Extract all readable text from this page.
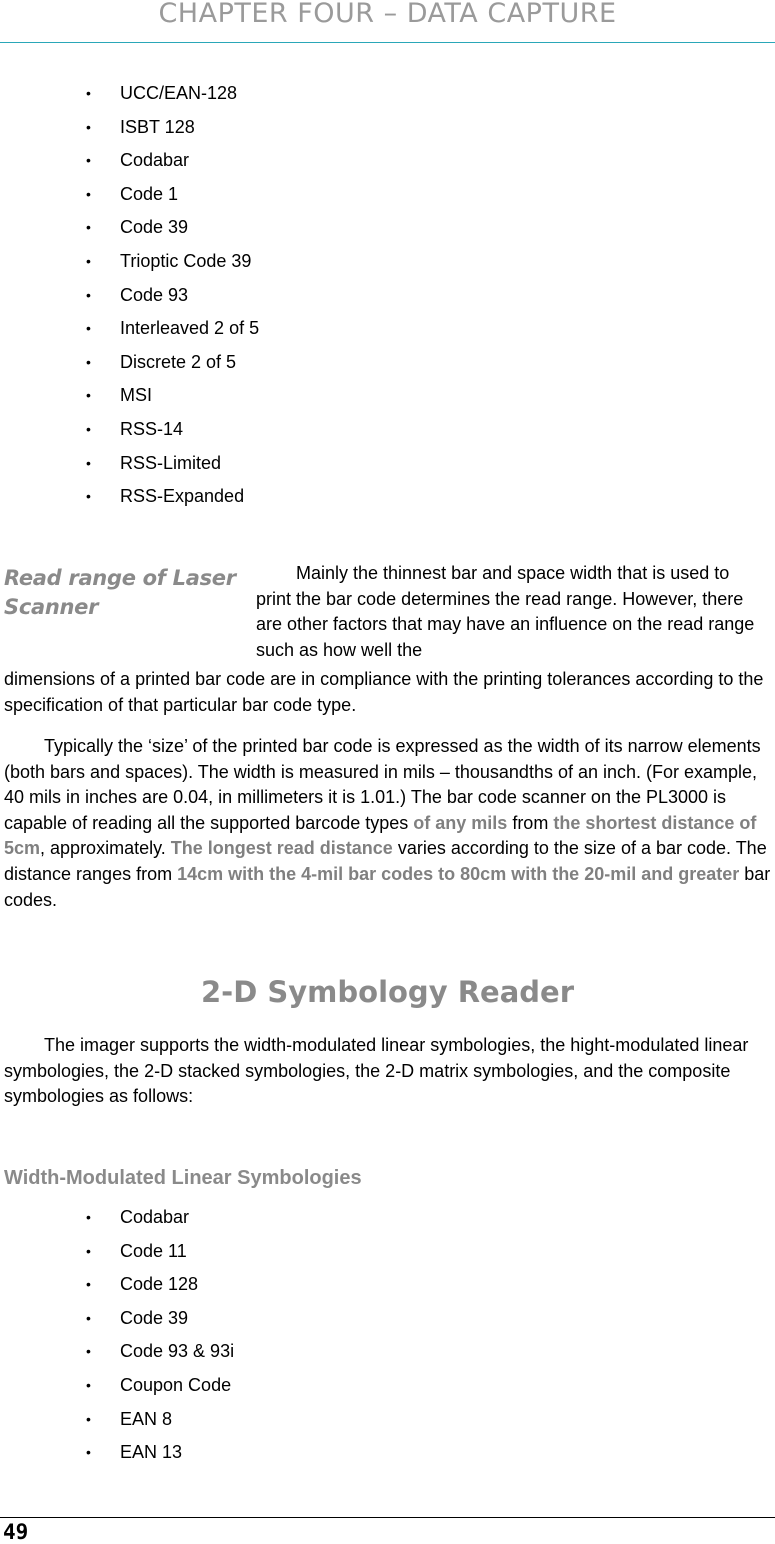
CHAPTER FOUR – DATA CAPTURE
• UCC/EAN-128
• ISBT 128
• Codabar
• Code 1
• Code 39
• Trioptic Code 39
• Code 93
• Interleaved 2 of 5
• Discrete 2 of 5
• MSI
• RSS-14
• RSS-Limited
• RSS-Expanded
Read range of Laser Scanner

Mainly the thinnest bar and space width that is used to print the bar code determines the read range. However, there are other factors that may have an influence on the read range such as how well the

dimensions of a printed bar code are in compliance with the printing tolerances according to the specification of that particular bar code type.

Typically the ‘size’ of the printed bar code is expressed as the width of its narrow elements (both bars and spaces). The width is measured in mils – thousandths of an inch. (For example, 40 mils in inches are 0.04, in millimeters it is 1.01.) The bar code scanner on the PL3000 is capable of reading all the supported barcode types of any mils from the shortest distance of 5cm, approximately. The longest read distance varies according to the size of a bar code. The distance ranges from 14cm with the 4-mil bar codes to 80cm with the 20-mil and greater bar codes.

2-D Symbology Reader

The imager supports the width-modulated linear symbologies, the hight-modulated linear symbologies, the 2-D stacked symbologies, the 2-D matrix symbologies, and the composite symbologies as follows:

Width-Modulated Linear Symbologies
• Codabar
• Code 11
• Code 128
• Code 39
• Code 93 & 93i
• Coupon Code
• EAN 8
• EAN 13
49
